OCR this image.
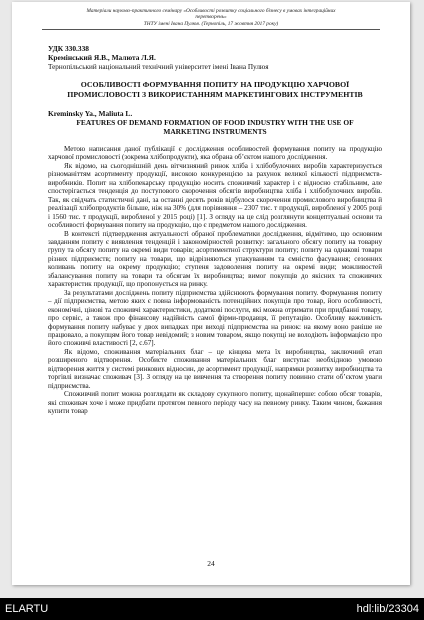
Матеріали науково-практичного семінару «Особливості розвитку соціального бізнесу в умовах інтеграційних
перетворень»
ТНТУ імені Івана Пулюя. (Тернопіль, 17 жовтня 2017 року)
УДК 330.338
Кремінський Я.В., Малюта Л.Я.
Тернопільський національний технічний університет імені Івана Пулюя
ОСОБЛИВОСТІ ФОРМУВАННЯ ПОПИТУ НА ПРОДУКЦІЮ ХАРЧОВОЇ ПРОМИСЛОВОСТІ З ВИКОРИСТАННЯМ МАРКЕТИНГОВИХ ІНСТРУМЕНТІВ
Kreminsky Ya., Maliuta L.
FEATURES OF DEMAND FORMATION OF FOOD INDUSTRY WITH THE USE OF MARKETING INSTRUMENTS

Метою написання даної публікації є дослідження особливостей формування попиту на продукцію харчової промисловості (зокрема хлібопродукти), яка обрана об’єктом нашого дослідження.

Як відомо, на сьогоднішній день вітчизняний ринок хліба і хлібобулочних виробів характеризується різноманіттям асортименту продукції, високою конкуренцією за рахунок великої кількості підприємств-виробників. Попит на хлібопекарську продукцію носить споживчий характер і є відносно стабільним, але спостерігається тенденція до поступового скорочення обсягів виробництва хліба і хлібобулочних виробів. Так, як свідчать статистичні дані, за останні десять років відбулося скорочення промислового виробництва й реалізації хлібопродуктів більше, ніж на 30% (для порівняння – 2307 тис. т продукції, виробленої у 2005 році і 1560 тис. т продукції, виробленої у 2015 році) [1]. З огляду на це слід розглянути концептуальні основи та особливості формування попиту на продукцію, що є предметом нашого дослідження.

В контексті підтвердження актуальності обраної проблематики дослідження, відмітимо, що основним завданням попиту є виявлення тенденцій і закономірностей розвитку: загального обсягу попиту на товарну групу та обсягу попиту на окремі види товарів; асортиментної структури попиту; попиту на однакові товари різних підприємств; попиту на товари, що відрізняються упакуванням та ємністю фасування; сезонних коливань попиту на окрему продукцію; ступеня задоволення попиту на окремі види; можливостей збалансування попиту на товари та обсягам їх виробництва; вимог покупців до якісних та споживчих характеристик продукції, що пропонується на ринку.

За результатами досліджень попиту підприємства здійснюють формування попиту. Формування попиту – дії підприємства, метою яких є повна інформованість потенційних покупців про товар, його особливості, економічні, цінові та споживчі характеристики, додаткові послуги, які можна отримати при придбанні товару, про сервіс, а також про фінансову надійність самої фірми-продавця, її репутацію. Особливу важливість формування попиту набуває у двох випадках при виході підприємства на ринок: на якому воно раніше не працювало, а покупцям його товар невідомий; з новим товаром, якщо покупці не володіють інформацією про його споживчі властивості [2, с.67].

Як відомо, споживання матеріальних благ – це кінцева мета їх виробництва, заключний етап розширеного відтворення. Особисте споживання матеріальних благ виступає необхідною умовою відтворення життя у системі ринкових відносин, де асортимент продукції, напрямки розвитку виробництва та торгівлі визначає споживач [3]. З огляду на це вивчення та створення попиту повинно стати об’єктом уваги підприємства.

Споживчий попит можна розглядати як складову сукупного попиту, щонайперше: собою обсяг товарів, які споживач хоче і може придбати протягом певного періоду часу на певному ринку. Таким чином, бажання купити товар

24
ELARTU	hdl:lib/23304
